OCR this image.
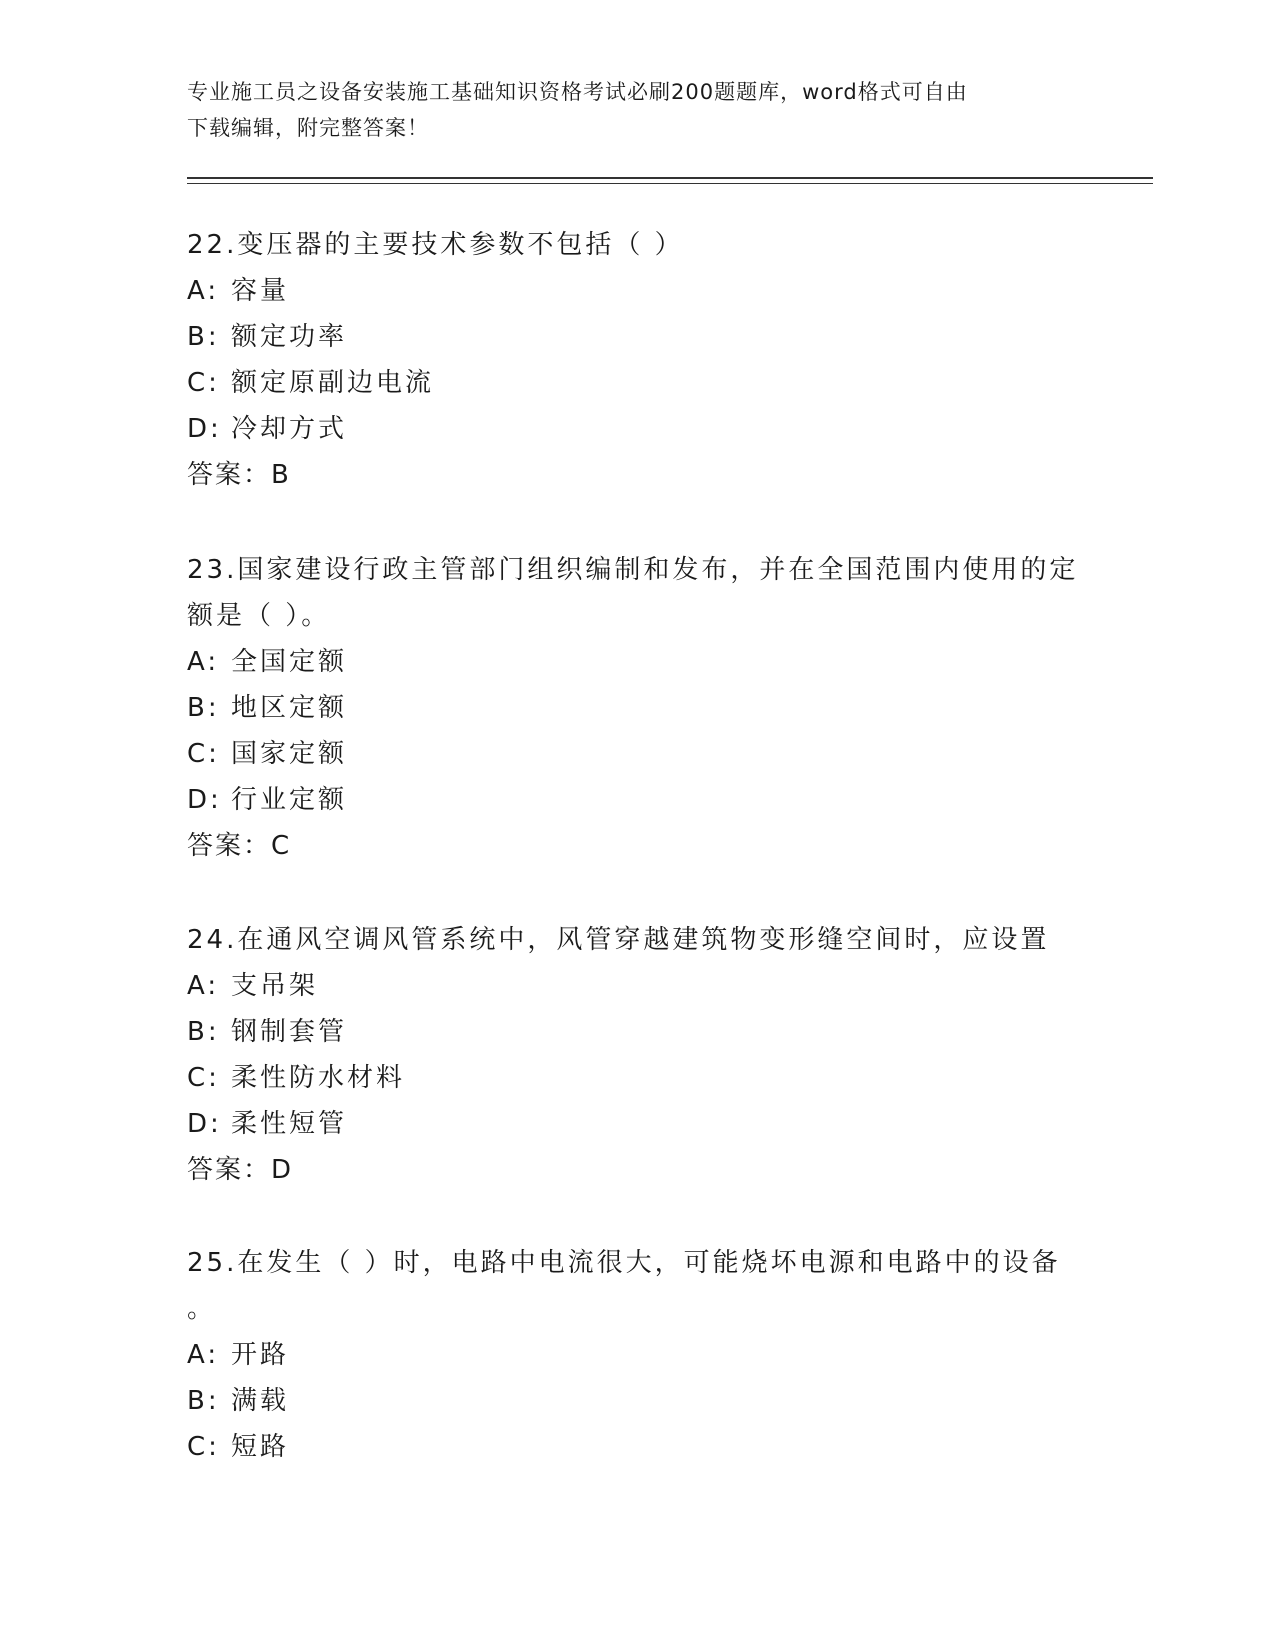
专业施工员之设备安装施工基础知识资格考试必刷200题题库，word格式可自由
下载编辑，附完整答案！

22.变压器的主要技术参数不包括（ ）

A: 容量

B: 额定功率

C: 额定原副边电流

D: 冷却方式

答案：B

23.国家建设行政主管部门组织编制和发布，并在全国范围内使用的定

额是（ ）。

A: 全国定额

B: 地区定额

C: 国家定额

D: 行业定额

答案：C

24.在通风空调风管系统中，风管穿越建筑物变形缝空间时，应设置

A: 支吊架

B: 钢制套管

C: 柔性防水材料

D: 柔性短管

答案：D

25.在发生（ ）时，电路中电流很大，可能烧坏电源和电路中的设备

。

A: 开路

B: 满载

C: 短路
